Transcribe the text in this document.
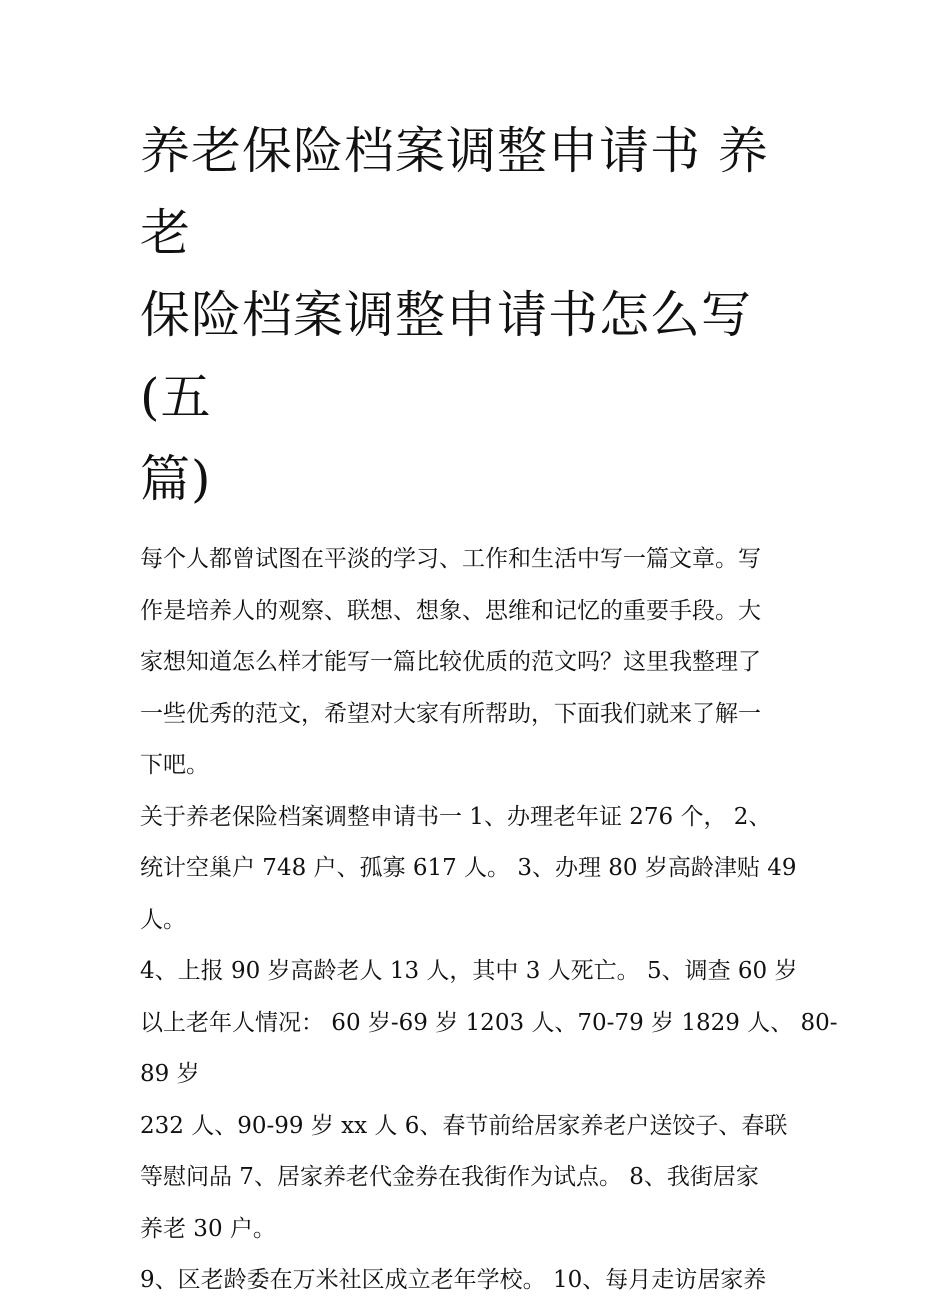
养老保险档案调整申请书 养老
保险档案调整申请书怎么写(五
篇)

每个人都曾试图在平淡的学习、工作和生活中写一篇文章。写
作是培养人的观察、联想、想象、思维和记忆的重要手段。大
家想知道怎么样才能写一篇比较优质的范文吗？这里我整理了
一些优秀的范文，希望对大家有所帮助，下面我们就来了解一
下吧。

关于养老保险档案调整申请书一 1、办理老年证 276 个， 2、
统计空巢户 748 户、孤寡 617 人。 3、办理 80 岁高龄津贴 49
人。

4、上报 90 岁高龄老人 13 人，其中 3 人死亡。 5、调查 60 岁
以上老年人情况： 60 岁-69 岁 1203 人、70-79 岁 1829 人、 80-
89 岁

232 人、90-99 岁 xx 人 6、春节前给居家养老户送饺子、春联
等慰问品 7、居家养老代金券在我街作为试点。 8、我街居家
养老 30 户。

9、区老龄委在万米社区成立老年学校。 10、每月走访居家养
